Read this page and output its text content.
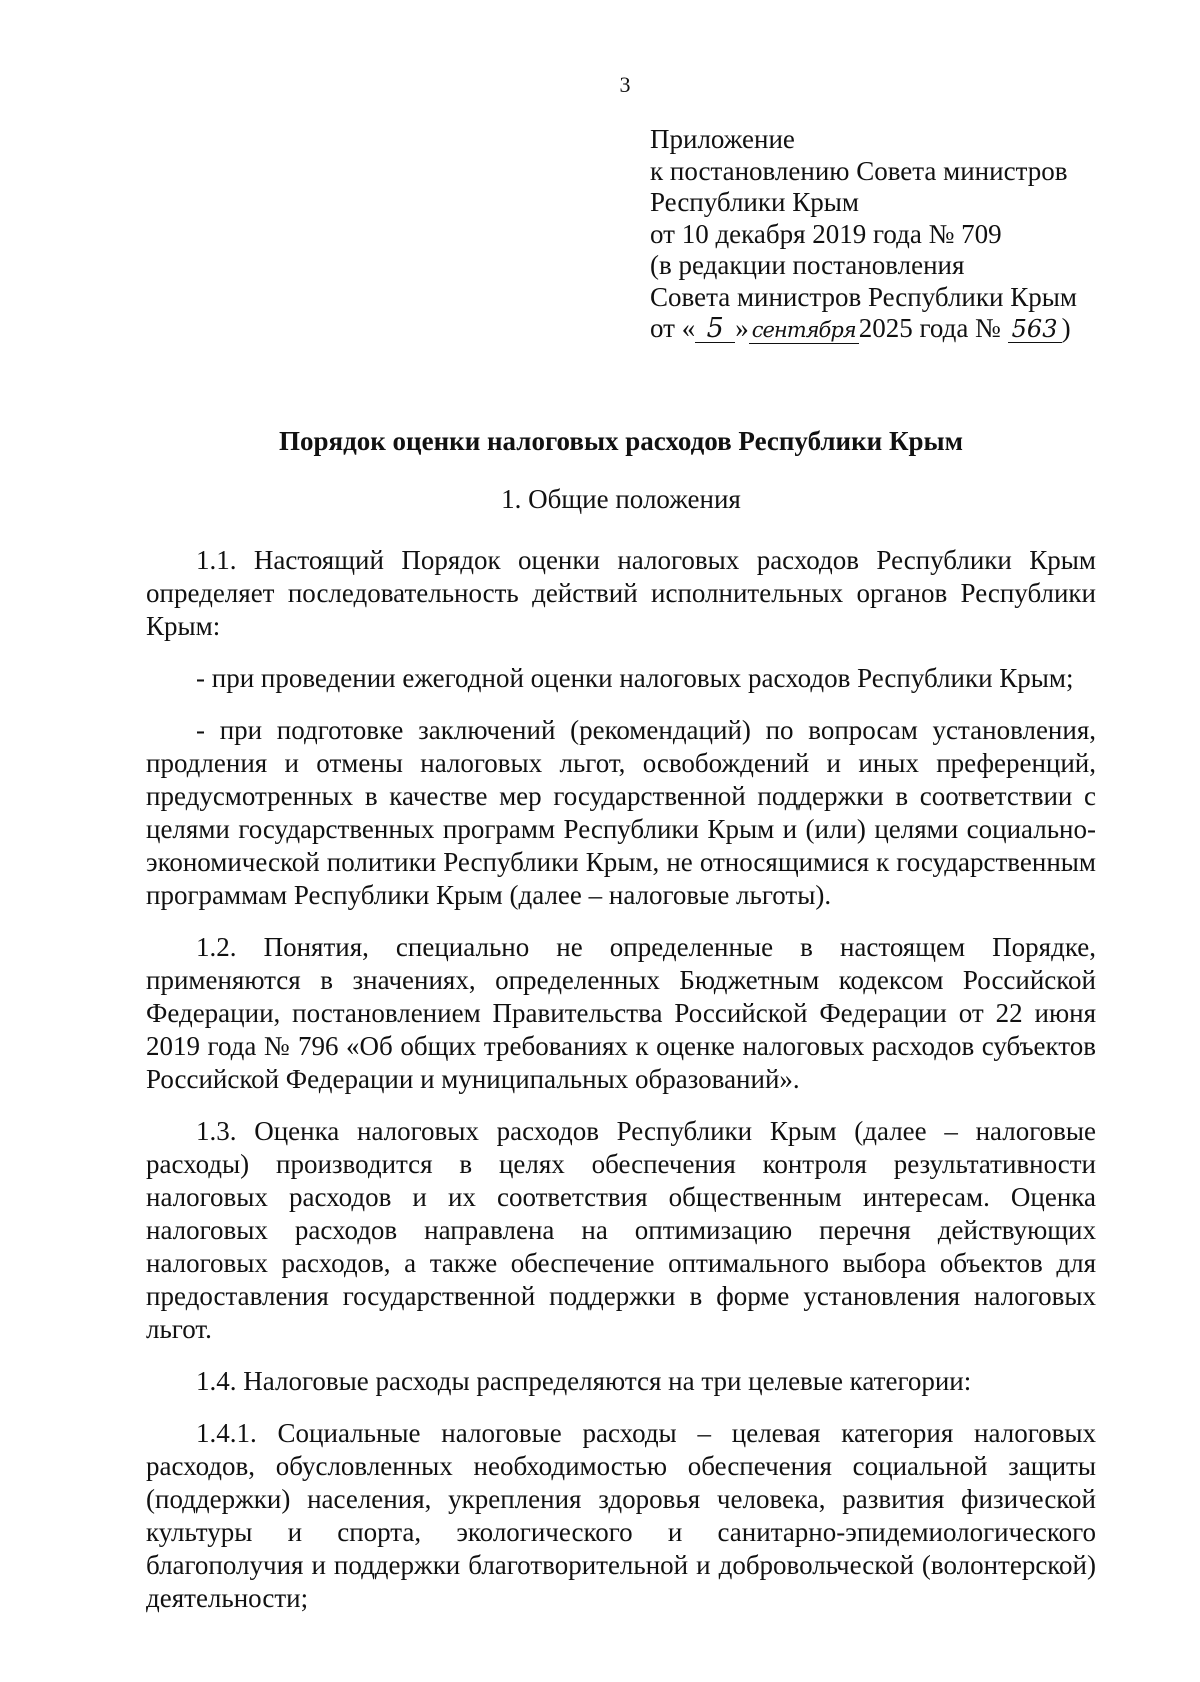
3
Приложение
к постановлению Совета министров
Республики Крым
от 10 декабря 2019 года № 709
(в редакции постановления
Совета министров Республики Крым
от « 5 » сентября 2025 года № 563 )
Порядок оценки налоговых расходов Республики Крым
1. Общие положения

1.1. Настоящий Порядок оценки налоговых расходов Республики Крым определяет последовательность действий исполнительных органов Республики Крым:

- при проведении ежегодной оценки налоговых расходов Республики Крым;

- при подготовке заключений (рекомендаций) по вопросам установления, продления и отмены налоговых льгот, освобождений и иных преференций, предусмотренных в качестве мер государственной поддержки в соответствии с целями государственных программ Республики Крым и (или) целями социально-экономической политики Республики Крым, не относящимися к государственным программам Республики Крым (далее – налоговые льготы).

1.2. Понятия, специально не определенные в настоящем Порядке, применяются в значениях, определенных Бюджетным кодексом Российской Федерации, постановлением Правительства Российской Федерации от 22 июня 2019 года № 796 «Об общих требованиях к оценке налоговых расходов субъектов Российской Федерации и муниципальных образований».

1.3. Оценка налоговых расходов Республики Крым (далее – налоговые расходы) производится в целях обеспечения контроля результативности налоговых расходов и их соответствия общественным интересам. Оценка налоговых расходов направлена на оптимизацию перечня действующих налоговых расходов, а также обеспечение оптимального выбора объектов для предоставления государственной поддержки в форме установления налоговых льгот.

1.4. Налоговые расходы распределяются на три целевые категории:

1.4.1. Социальные налоговые расходы – целевая категория налоговых расходов, обусловленных необходимостью обеспечения социальной защиты (поддержки) населения, укрепления здоровья человека, развития физической культуры и спорта, экологического и санитарно-эпидемиологического благополучия и поддержки благотворительной и добровольческой (волонтерской) деятельности;
